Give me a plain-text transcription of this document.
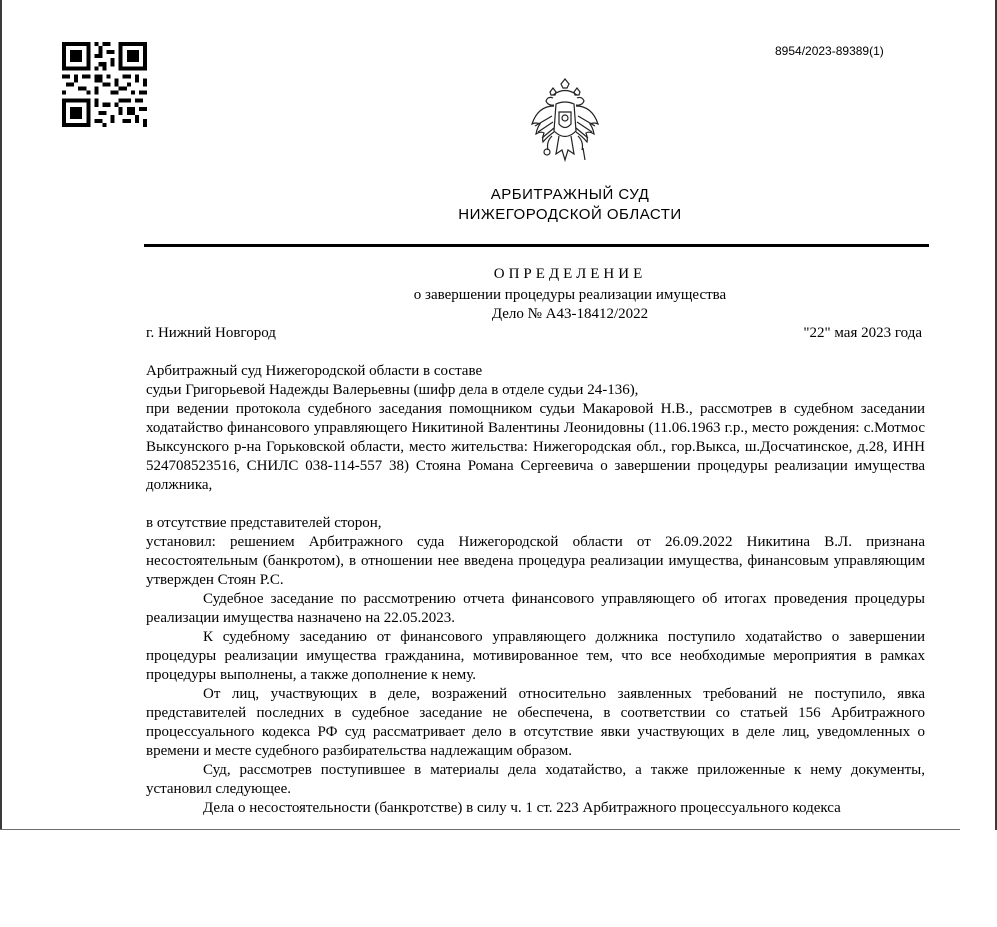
8954/2023-89389(1)
АРБИТРАЖНЫЙ СУД
НИЖЕГОРОДСКОЙ ОБЛАСТИ
ОПРЕДЕЛЕНИЕ
о завершении процедуры реализации имущества
Дело № А43-18412/2022
г. Нижний Новгород	"22" мая 2023 года

Арбитражный суд Нижегородской области в составе

судьи Григорьевой Надежды Валерьевны (шифр дела в отделе судьи 24-136),

при ведении протокола судебного заседания помощником судьи Макаровой Н.В., рассмотрев в судебном заседании ходатайство финансового управляющего Никитиной Валентины Леонидовны (11.06.1963 г.р., место рождения: с.Мотмос Выксунского р-на Горьковской области, место жительства: Нижегородская обл., гор.Выкса, ш.Досчатинское, д.28, ИНН 524708523516, СНИЛС 038-114-557 38) Стояна Романа Сергеевича о завершении процедуры реализации имущества должника,

в отсутствие представителей сторон,

установил: решением Арбитражного суда Нижегородской области от 26.09.2022 Никитина В.Л. признана несостоятельным (банкротом), в отношении нее введена процедура реализации имущества, финансовым управляющим утвержден Стоян Р.С.

Судебное заседание по рассмотрению отчета финансового управляющего об итогах проведения процедуры реализации имущества назначено на 22.05.2023.

К судебному заседанию от финансового управляющего должника поступило ходатайство о завершении процедуры реализации имущества гражданина, мотивированное тем, что все необходимые мероприятия в рамках процедуры выполнены, а также дополнение к нему.

От лиц, участвующих в деле, возражений относительно заявленных требований не поступило, явка представителей последних в судебное заседание не обеспечена, в соответствии со статьей 156 Арбитражного процессуального кодекса РФ суд рассматривает дело в отсутствие явки участвующих в деле лиц, уведомленных о времени и месте судебного разбирательства надлежащим образом.

Суд, рассмотрев поступившее в материалы дела ходатайство, а также приложенные к нему документы, установил следующее.

Дела о несостоятельности (банкротстве) в силу ч. 1 ст. 223 Арбитражного процессуального кодекса
